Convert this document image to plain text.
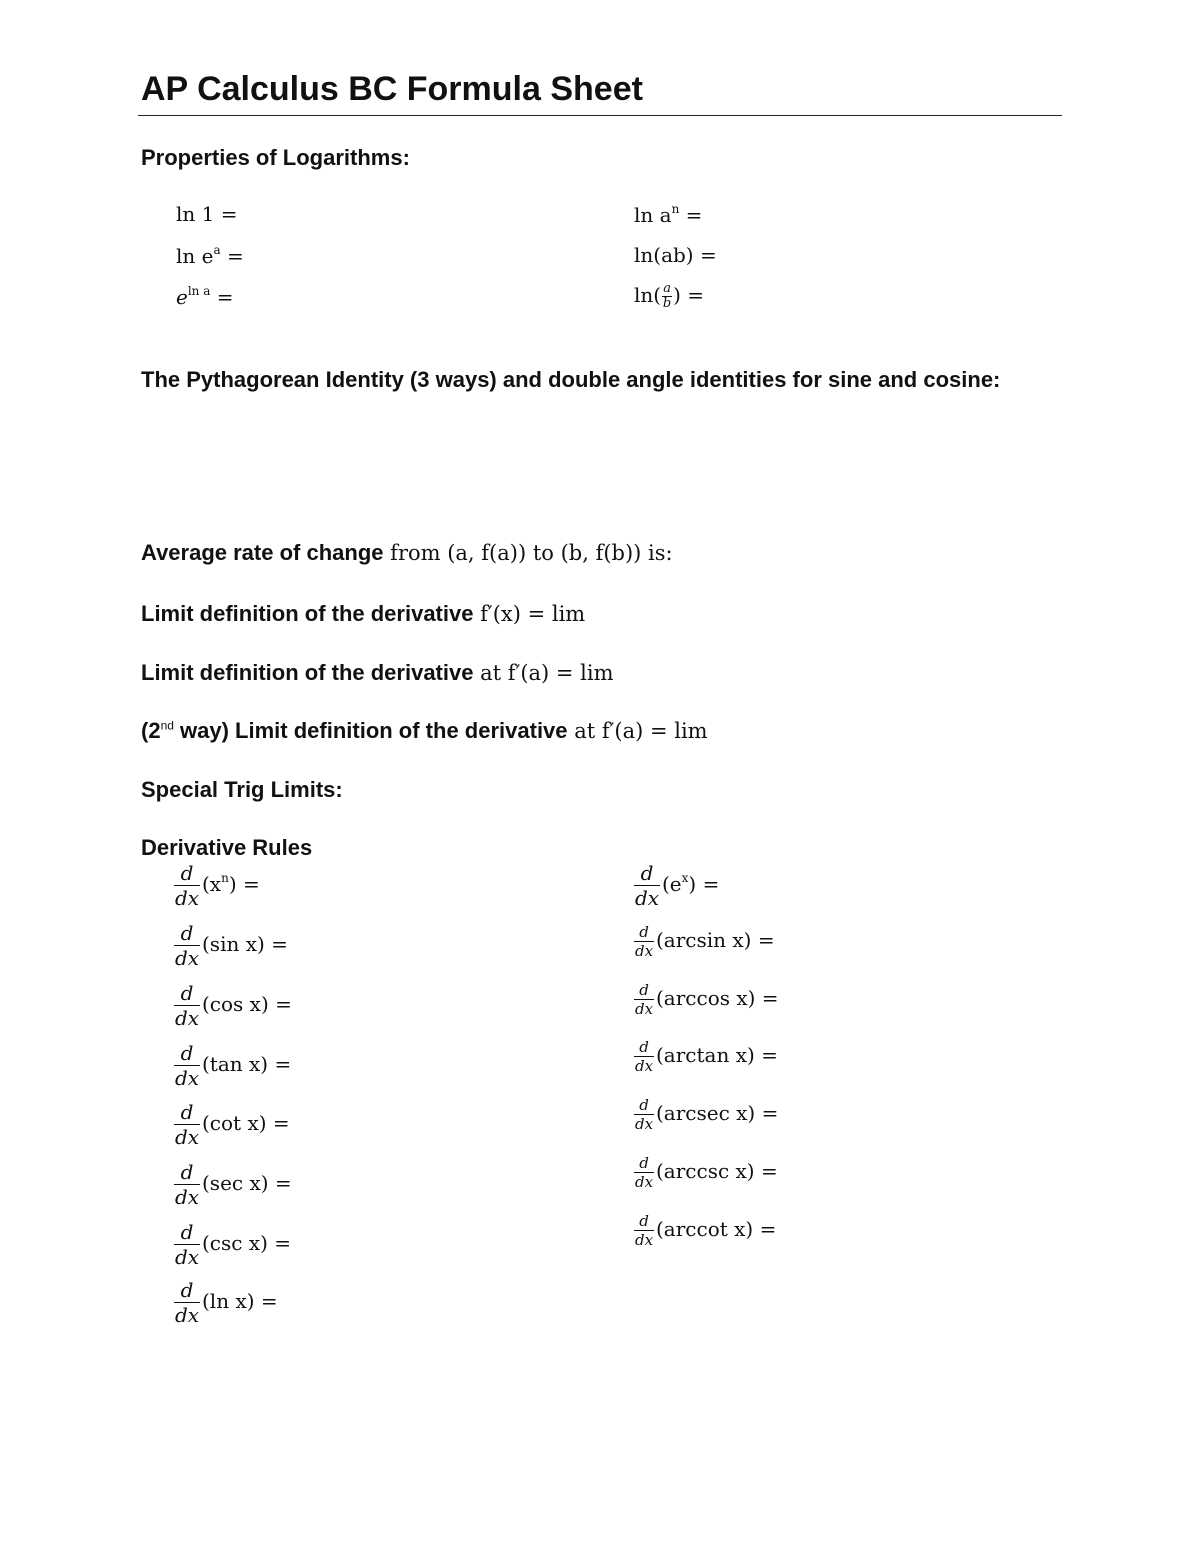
AP Calculus BC Formula Sheet
Properties of Logarithms:
ln 1 =
$\ln e^a$ =
$e^{ln a}$ =
$\ln a^n$ =
ln(ab) =
$\ln( \frac{a}{b}$ ) =
The Pythagorean Identity (3 ways) and double angle identities for sine and cosine:
Average rate of change from (a, f(a)) to (b, f(b)) is:
Limit definition of the derivative f′(x) = lim
Limit definition of the derivative at f′(a) = lim
(2nd way) Limit definition of the derivative at f′(a) = lim
Special Trig Limits:
Derivative Rules
$\frac{d}{dx} (x^n)$ =
$\frac{d}{dx} (\sin$ x) =
$\frac{d}{dx} (\cos$ x) =
$\frac{d}{dx} (\tan$ x) =
$\frac{d}{dx} (\cot$ x) =
$\frac{d}{dx} (\sec$ x) =
$\frac{d}{dx} (\csc$ x) =
$\frac{d}{dx} (\ln$ x) =
$\frac{d}{dx} (e^x)$ =
$\frac{d}{dx} (\arcsin$ x) =
$\frac{d}{dx} (\arccos$ x) =
$\frac{d}{dx} (\arctan$ x) =
$\frac{d}{dx} (arcsec$ x) =
$\frac{d}{dx} (arccsc$ x) =
$\frac{d}{dx} (arccot$ x) =
